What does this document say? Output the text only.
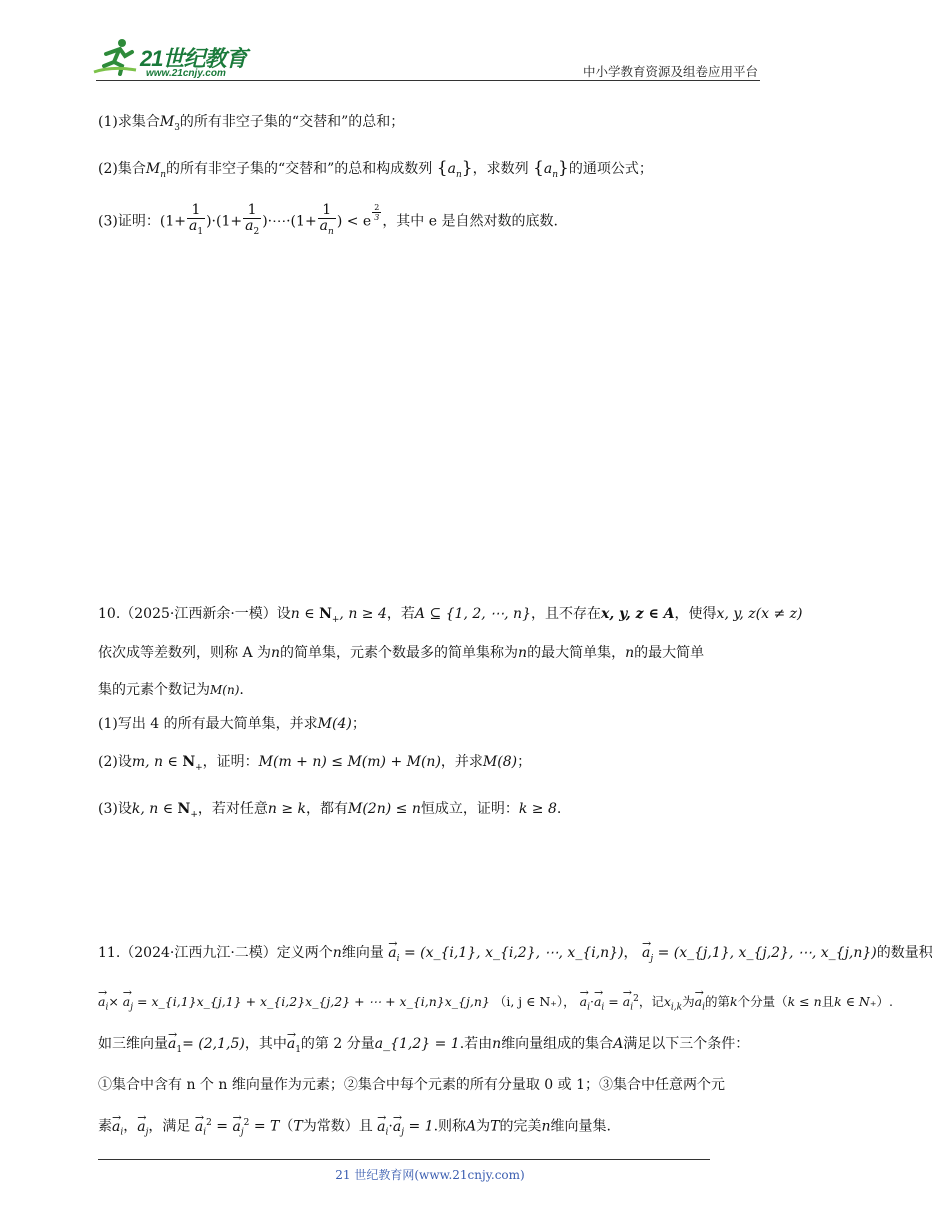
21世纪教育
www.21cnjy.com	中小学教育资源及组卷应用平台
(1)求集合$M_3$的所有非空子集的“交替和”的总和；
(2)集合$M_n$的所有非空子集的“交替和”的总和构成数列 $\{a_n\}$，求数列 $\{a_n\}$的通项公式；
(3)证明：$(1+ \frac{1}{a_1} )\cdot(1+ \frac{1}{a_2}$ )·⋯·(1+ $\frac{1}{a_n}$ ) < e $^{\frac{2}{3}}$ ，其中 e 是自然对数的底数.
10.（2025·江西新余·一模）设n ∈ $N_+$, n ≥ 4，若A ⊆ {1, 2, ⋯, n}，且不存在x, y, z ∈ A，使得x, y, z(x ≠ z)
依次成等差数列，则称 A 为n的简单集，元素个数最多的简单集称为n的最大简单集，n的最大简单
集的元素个数记为M(n).
(1)写出 4 的所有最大简单集，并求M(4)；
(2)设m, n ∈ $N_+$，证明：M(m + n) ≤ M(m) + M(n)，并求M(8)；
(3)设k, n ∈ $N_+$，若对任意n ≥ k，都有M(2n) ≤ n恒成立，证明：k ≥ 8.
11.（2024·江西九江·二模）定义两个n维向量 → $a_i$ = (x_{i,1}, x_{i,2}, ⋯, x_{i,n})， → $a_j$ = (x_{j,1}, x_{j,2}, ⋯, x_{j,n})的数量积
→ $a_i\times \to a_j$ = x_{i,1}x_{j,1} + x_{i,2}x_{j,2} + ⋯ + x_{i,n}x_{j,n} （i, j ∈ N₊）， → $a_i\cdot\to a_i$ = → $a_i^2$，记$x_{i,k}$为→ $a_i$的第k个分量（k ≤ n且k ∈ N₊）.
如三维向量→ $a_1= (2,1,5)$，其中→ $a_1$的第 2 分量a_{1,2} = 1.若由n维向量组成的集合A满足以下三个条件：
①集合中含有 n 个 n 维向量作为元素；②集合中每个元素的所有分量取 0 或 1；③集合中任意两个元
素→ $a_i$，→ $a_j$，满足 → $a_i^2$ = → $a_j^2 = T(T$为常数）且 → $a_i\cdot\to a_j = 1$.则称A为T的完美n维向量集.
21 世纪教育网(www.21cnjy.com)
